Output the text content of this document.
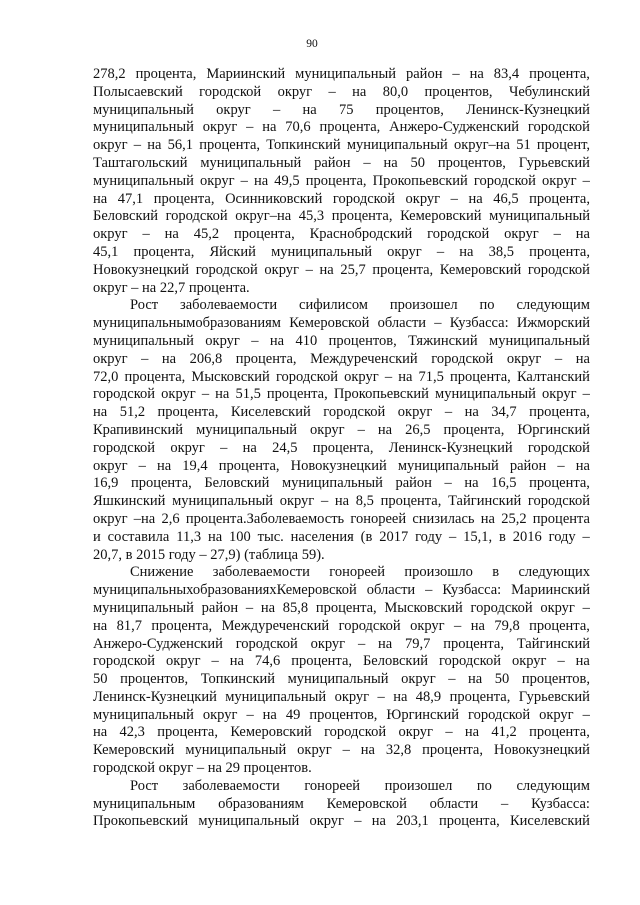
90
278,2 процента, Мариинский муниципальный район – на 83,4 процента,
Полысаевский городской округ – на 80,0 процентов, Чебулинский
муниципальный округ – на 75 процентов, Ленинск-Кузнецкий
муниципальный округ – на 70,6 процента, Анжеро-Судженский городской
округ – на 56,1 процента, Топкинский муниципальный округ–на 51 процент,
Таштагольский муниципальный район – на 50 процентов, Гурьевский
муниципальный округ – на 49,5 процента, Прокопьевский городской округ –
на 47,1 процента, Осинниковский городской округ – на 46,5 процента,
Беловский городской округ–на 45,3 процента, Кемеровский муниципальный
округ – на 45,2 процента, Краснобродский городской округ – на
45,1 процента, Яйский муниципальный округ – на 38,5 процента,
Новокузнецкий городской округ – на 25,7 процента, Кемеровский городской
округ – на 22,7 процента.
Рост заболеваемости сифилисом произошел по следующим
муниципальнымобразованиям Кемеровской области – Кузбасса: Ижморский
муниципальный округ – на 410 процентов, Тяжинский муниципальный
округ – на 206,8 процента, Междуреченский городской округ – на
72,0 процента, Мысковский городской округ – на 71,5 процента, Калтанский
городской округ – на 51,5 процента, Прокопьевский муниципальный округ –
на 51,2 процента, Киселевский городской округ – на 34,7 процента,
Крапивинский муниципальный округ – на 26,5 процента, Юргинский
городской округ – на 24,5 процента, Ленинск-Кузнецкий городской
округ – на 19,4 процента, Новокузнецкий муниципальный район – на
16,9 процента, Беловский муниципальный район – на 16,5 процента,
Яшкинский муниципальный округ – на 8,5 процента, Тайгинский городской
округ –на 2,6 процента.Заболеваемость гонореей снизилась на 25,2 процента
и составила 11,3 на 100 тыс. населения (в 2017 году – 15,1, в 2016 году –
20,7, в 2015 году – 27,9) (таблица 59).
Снижение заболеваемости гонореей произошло в следующих
муниципальныхобразованияхКемеровской области – Кузбасса: Мариинский
муниципальный район – на 85,8 процента, Мысковский городской округ –
на 81,7 процента, Междуреченский городской округ – на 79,8 процента,
Анжеро-Судженский городской округ – на 79,7 процента, Тайгинский
городской округ – на 74,6 процента, Беловский городской округ – на
50 процентов, Топкинский муниципальный округ – на 50 процентов,
Ленинск-Кузнецкий муниципальный округ – на 48,9 процента, Гурьевский
муниципальный округ – на 49 процентов, Юргинский городской округ –
на 42,3 процента, Кемеровский городской округ – на 41,2 процента,
Кемеровский муниципальный округ – на 32,8 процента, Новокузнецкий
городской округ – на 29 процентов.
Рост заболеваемости гонореей произошел по следующим
муниципальным образованиям Кемеровской области – Кузбасса:
Прокопьевский муниципальный округ – на 203,1 процента, Киселевский
